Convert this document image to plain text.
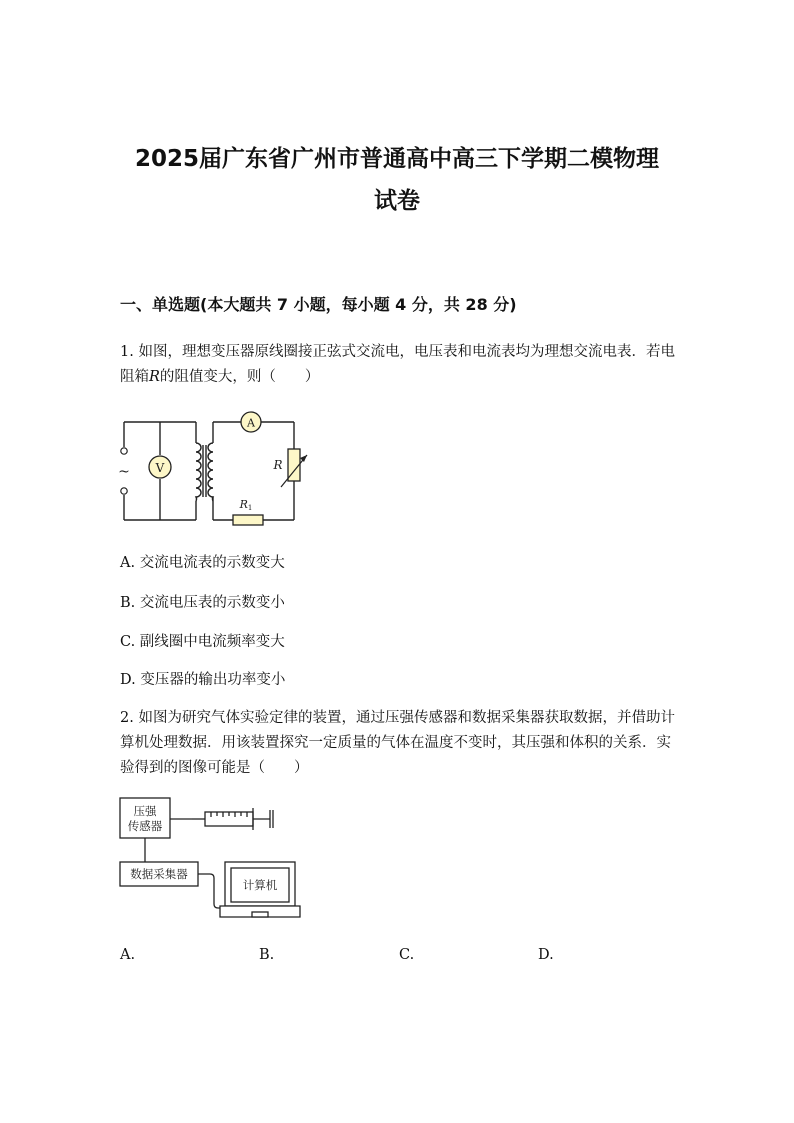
2025届广东省广州市普通高中高三下学期二模物理
试卷
一、单选题(本大题共 7 小题，每小题 4 分，共 28 分)
1. 如图，理想变压器原线圈接正弦式交流电，电压表和电流表均为理想交流电表．若电阻箱R的阻值变大，则（　　）
~ V
A
R
R1
A. 交流电流表的示数变大
B. 交流电压表的示数变小
C. 副线圈中电流频率变大
D. 变压器的输出功率变小
2. 如图为研究气体实验定律的装置，通过压强传感器和数据采集器获取数据，并借助计算机处理数据．用该装置探究一定质量的气体在温度不变时，其压强和体积的关系．实验得到的图像可能是（　　）
压强
传感器
数据采集器
计算机
A.	B.	C.	D.
